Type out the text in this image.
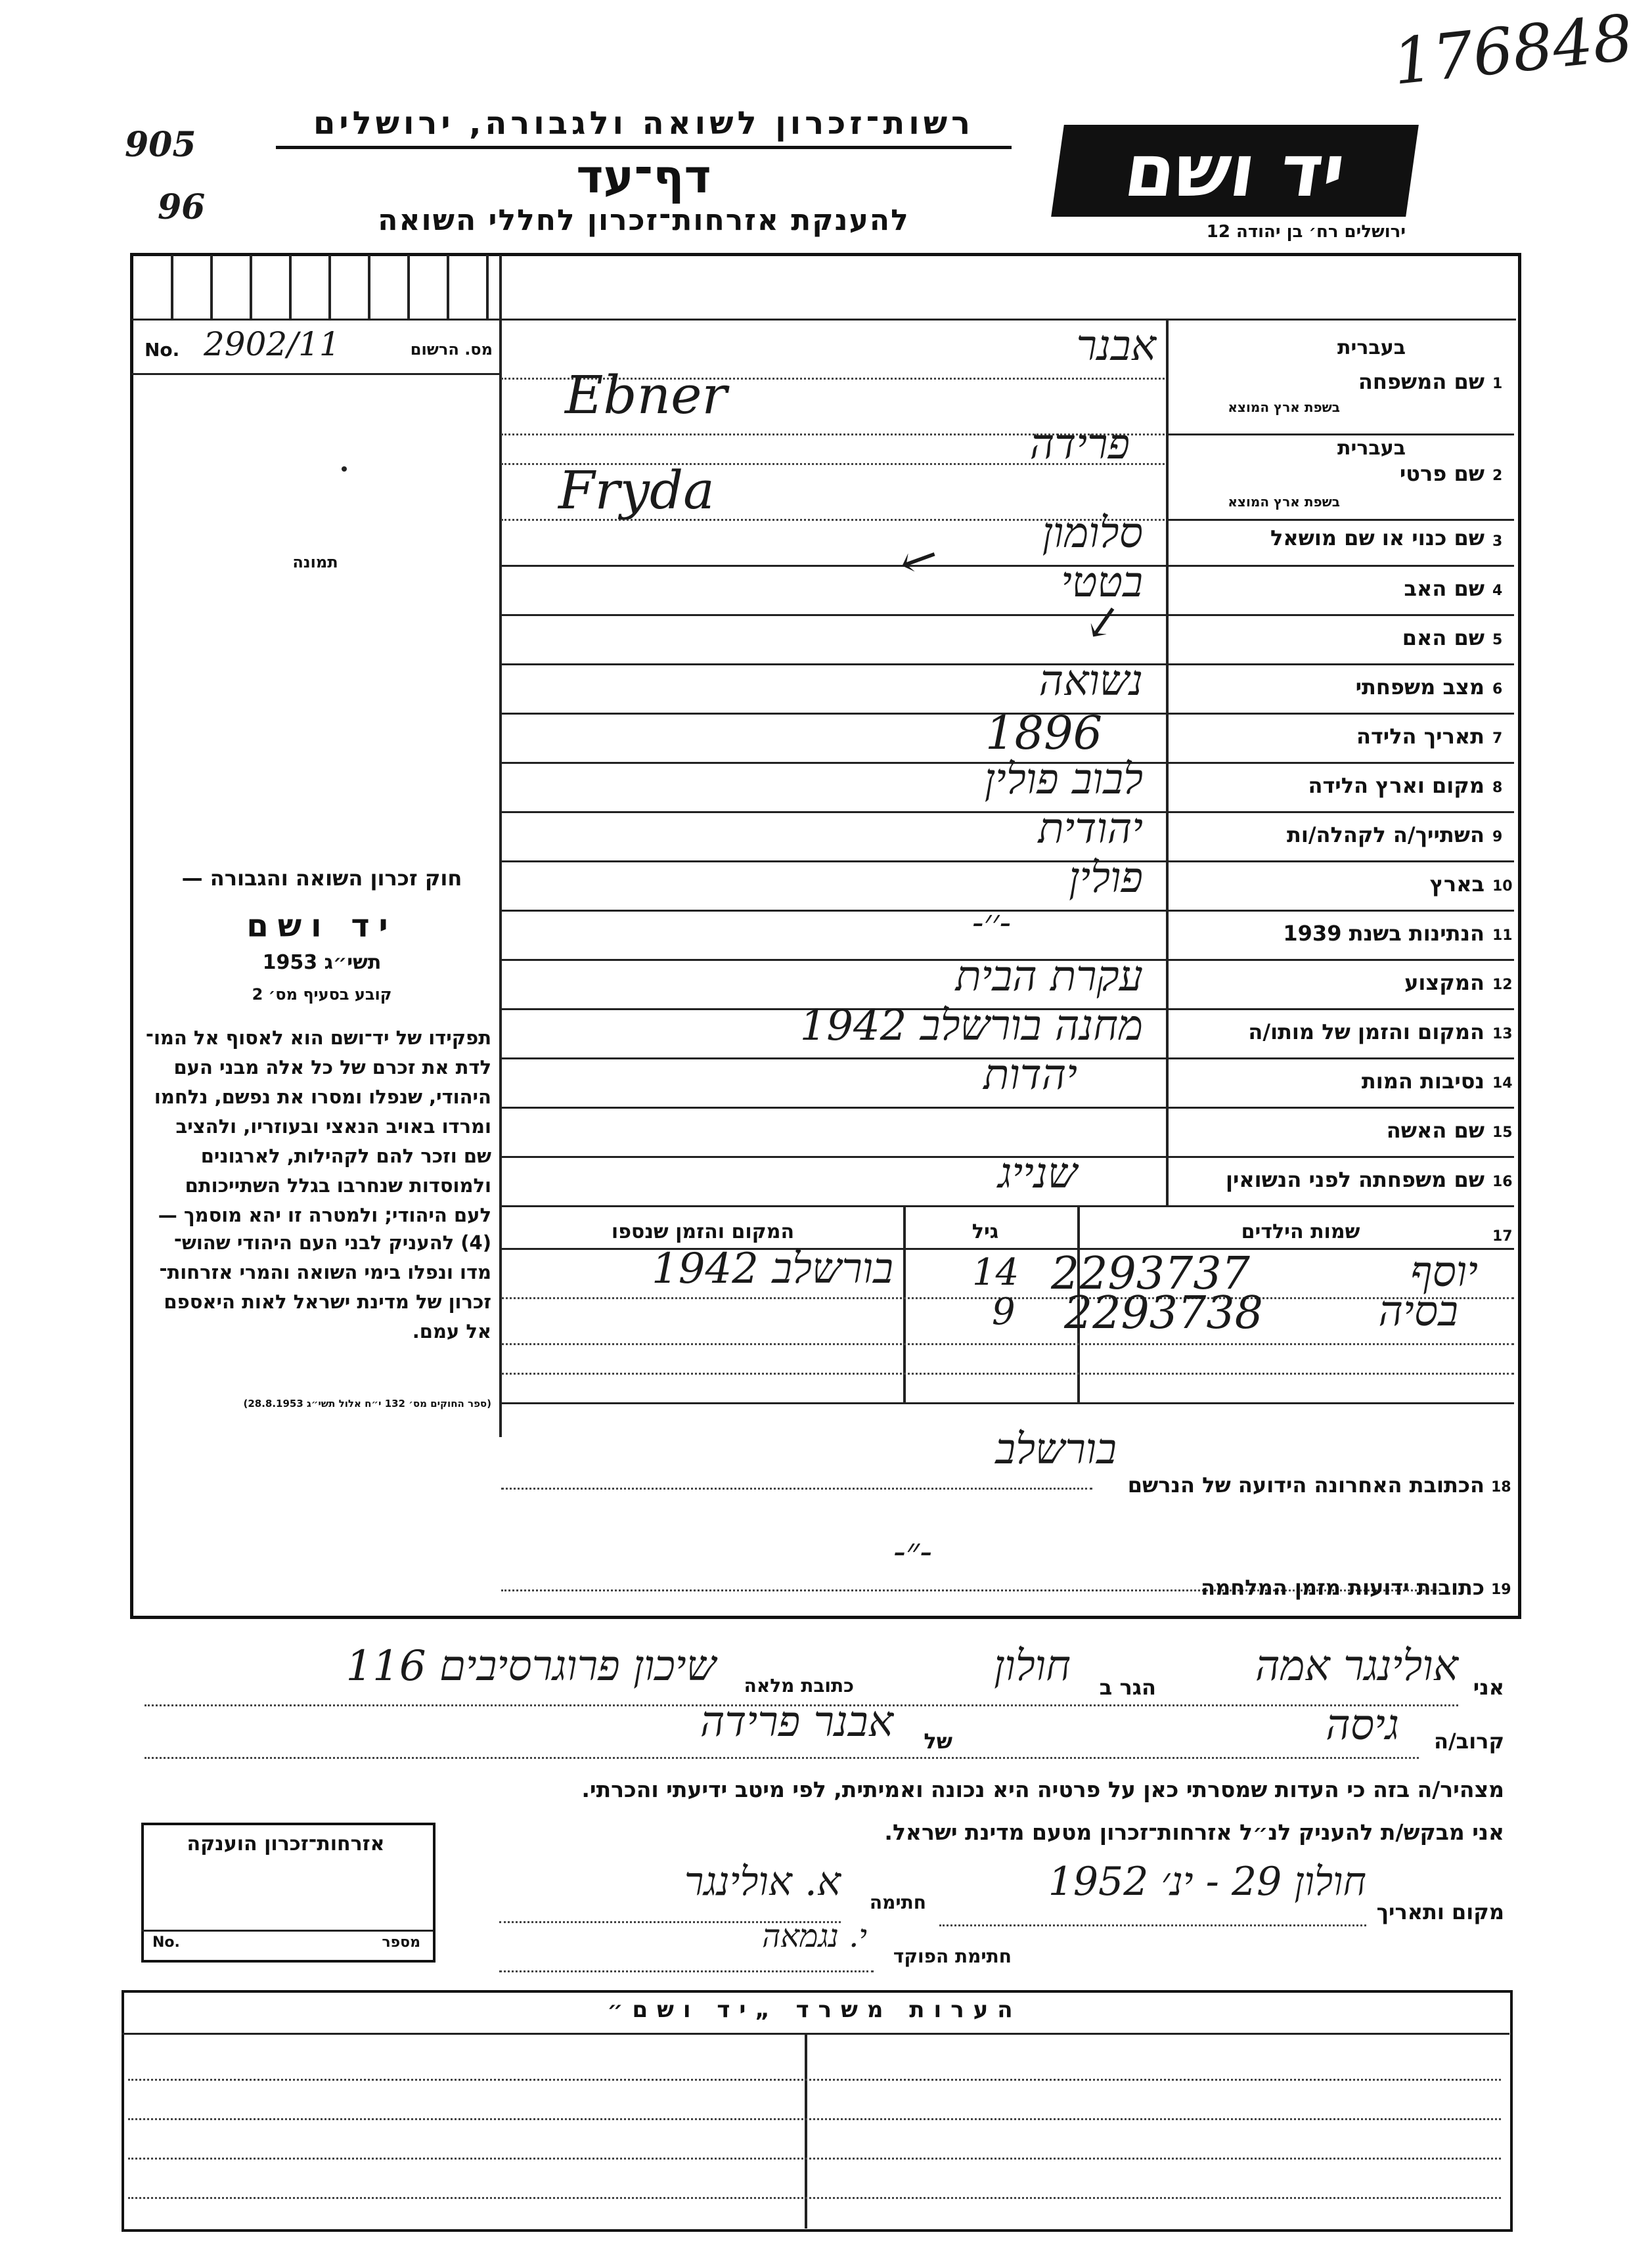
176848
905
96
רשות־זכרון לשואה ולגבורה, ירושלים
דף־עד
להענקת אזרחות־זכרון לחללי השואה
יד ושם
ירושלים רח׳ בן יהודה 12
No. 2902/11	מס. הרשום
תמונה
חוק זכרון השואה והגבורה —
יד ושם
תשי״ג 1953
קובע בסעיף מס׳ 2
תפקידו של יד־ושם הוא לאסוף אל המו־ לדת את זכרם של כל אלה מבני העם היהודי, שנפלו ומסרו את נפשם, נלחמו ומרדו באויב הנאצי ובעוזריו, ולהציב שם וזכר להם לקהילות, לארגונים ולמוסדות שנחרבו בגלל השתייכותם לעם היהודי; ולמטרה זו יהא מוסמך —
(4) להעניק לבני העם היהודי שהוש־ מדו ונפלו בימי השואה והמרי אזרחות־ זכרון של מדינת ישראל לאות היאספם אל עמם.
(ספר החוקים מס׳ 132 י״ח אלול תשי״ג 28.8.1953)
1
שם המשפחה
בעברית
בשפת ארץ המוצא
אבנר
Ebner
2
שם פרטי
בעברית
בשפת ארץ המוצא
פרידה
Fryda
3
שם כנוי או שם מושאל
סלומון
↙	4
שם האב
בטטי
↙	5
שם האם
6
מצב משפחתי
נשואה
7
תאריך הלידה
1896
8
מקום וארץ הלידה
לבוב פולין
9
השתייך/ה לקהלה/ות
יהודית
10
בארץ
פולין
11
הנתינות בשנת 1939
-׳׳-
12
המקצוע
עקרת הבית
13
המקום והזמן של מותו/ה
מחנה בורשלב 1942
14
נסיבות המות
יהדות
15
שם האשה
16
שם משפחתה לפני הנשואין
שנייג
17
שמות הילדים
גיל
המקום והזמן שנספו
יוסף
14 2293737
בורשלב 1942
בסיה
9 2293738
בורשלב
הכתובת האחרונה הידועה של הנרשם 18
-״-
כתובות ידועות מזמן המלחמה 19
אני
אולינגר אמה
הגר ב
חולון
כתובת מלאה
שיכון פרוגרסיבים 116
קרוב/ה
גיסה
של
אבנר פרידה
מצהיר/ה בזה כי העדות שמסרתי כאן על פרטיה היא נכונה ואמיתית, לפי מיטב ידיעתי והכרתי.
אני מבקש/ת להעניק לנ״ל אזרחות־זכרון מטעם מדינת ישראל.
אזרחות־זכרון הוענקה
No.	מספר
חולון 29 - ינ׳ 1952
מקום ותאריך
חתימה
א. אולינגר
חתימת הפוקד
י. נגמאה
הערות משרד „יד ושם״
